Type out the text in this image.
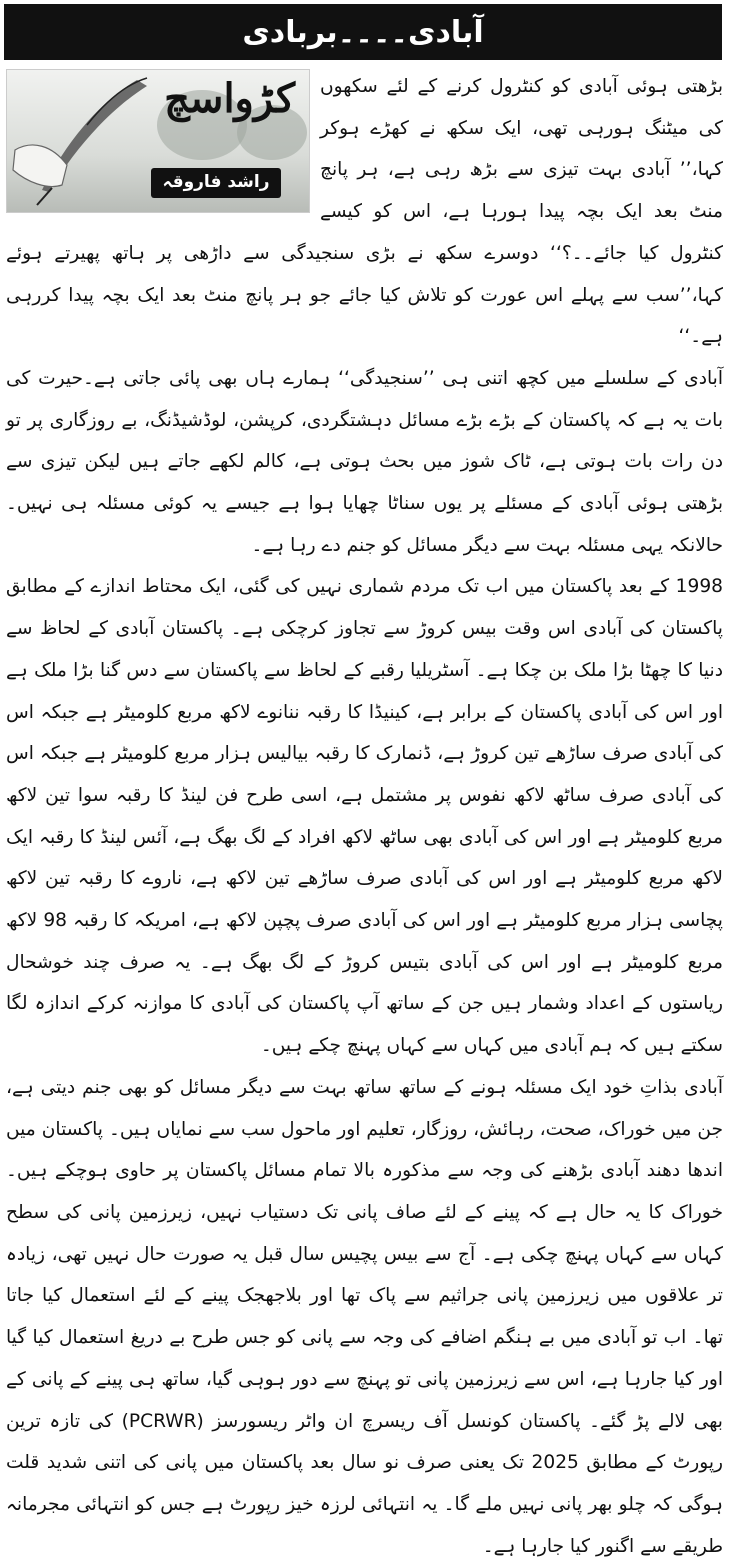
آبادی۔۔۔۔بربادی
کڑواسچ
راشد فاروقہ

بڑھتی ہوئی آبادی کو کنٹرول کرنے کے لئے سکھوں کی میٹنگ ہورہی تھی، ایک سکھ نے کھڑے ہوکر کہا،’’ آبادی بہت تیزی سے بڑھ رہی ہے، ہر پانچ منٹ بعد ایک بچہ پیدا ہورہا ہے، اس کو کیسے کنٹرول کیا جائے۔۔؟‘‘ دوسرے سکھ نے بڑی سنجیدگی سے داڑھی پر ہاتھ پھیرتے ہوئے کہا،’’سب سے پہلے اس عورت کو تلاش کیا جائے جو ہر پانچ منٹ بعد ایک بچہ پیدا کررہی ہے۔‘‘

آبادی کے سلسلے میں کچھ اتنی ہی ’’سنجیدگی‘‘ ہمارے ہاں بھی پائی جاتی ہے۔حیرت کی بات یہ ہے کہ پاکستان کے بڑے بڑے مسائل دہشتگردی، کرپشن، لوڈشیڈنگ، بے روزگاری پر تو دن رات بات ہوتی ہے، ٹاک شوز میں بحث ہوتی ہے، کالم لکھے جاتے ہیں لیکن تیزی سے بڑھتی ہوئی آبادی کے مسئلے پر یوں سناٹا چھایا ہوا ہے جیسے یہ کوئی مسئلہ ہی نہیں۔ حالانکہ یہی مسئلہ بہت سے دیگر مسائل کو جنم دے رہا ہے۔

1998 کے بعد پاکستان میں اب تک مردم شماری نہیں کی گئی، ایک محتاط اندازے کے مطابق پاکستان کی آبادی اس وقت بیس کروڑ سے تجاوز کرچکی ہے۔ پاکستان آبادی کے لحاظ سے دنیا کا چھٹا بڑا ملک بن چکا ہے۔ آسٹریلیا رقبے کے لحاظ سے پاکستان سے دس گنا بڑا ملک ہے اور اس کی آبادی پاکستان کے برابر ہے، کینیڈا کا رقبہ ننانوے لاکھ مربع کلومیٹر ہے جبکہ اس کی آبادی صرف ساڑھے تین کروڑ ہے، ڈنمارک کا رقبہ بیالیس ہزار مربع کلومیٹر ہے جبکہ اس کی آبادی صرف ساٹھ لاکھ نفوس پر مشتمل ہے، اسی طرح فن لینڈ کا رقبہ سوا تین لاکھ مربع کلومیٹر ہے اور اس کی آبادی بھی ساٹھ لاکھ افراد کے لگ بھگ ہے، آئس لینڈ کا رقبہ ایک لاکھ مربع کلومیٹر ہے اور اس کی آبادی صرف ساڑھے تین لاکھ ہے، ناروے کا رقبہ تین لاکھ پچاسی ہزار مربع کلومیٹر ہے اور اس کی آبادی صرف پچپن لاکھ ہے، امریکہ کا رقبہ 98 لاکھ مربع کلومیٹر ہے اور اس کی آبادی بتیس کروڑ کے لگ بھگ ہے۔ یہ صرف چند خوشحال ریاستوں کے اعداد وشمار ہیں جن کے ساتھ آپ پاکستان کی آبادی کا موازنہ کرکے اندازہ لگا سکتے ہیں کہ ہم آبادی میں کہاں سے کہاں پہنچ چکے ہیں۔

آبادی بذاتِ خود ایک مسئلہ ہونے کے ساتھ ساتھ بہت سے دیگر مسائل کو بھی جنم دیتی ہے، جن میں خوراک، صحت، رہائش، روزگار، تعلیم اور ماحول سب سے نمایاں ہیں۔ پاکستان میں اندھا دھند آبادی بڑھنے کی وجہ سے مذکورہ بالا تمام مسائل پاکستان پر حاوی ہوچکے ہیں۔ خوراک کا یہ حال ہے کہ پینے کے لئے صاف پانی تک دستیاب نہیں، زیرزمین پانی کی سطح کہاں سے کہاں پہنچ چکی ہے۔ آج سے بیس پچیس سال قبل یہ صورت حال نہیں تھی، زیادہ تر علاقوں میں زیرزمین پانی جراثیم سے پاک تھا اور بلاجھجک پینے کے لئے استعمال کیا جاتا تھا۔ اب تو آبادی میں بے ہنگم اضافے کی وجہ سے پانی کو جس طرح بے دریغ استعمال کیا گیا اور کیا جارہا ہے، اس سے زیرزمین پانی تو پہنچ سے دور ہوہی گیا، ساتھ ہی پینے کے پانی کے بھی لالے پڑ گئے۔ پاکستان کونسل آف ریسرچ ان واٹر ریسورسز (PCRWR) کی تازہ ترین رپورٹ کے مطابق 2025 تک یعنی صرف نو سال بعد پاکستان میں پانی کی اتنی شدید قلت ہوگی کہ چلو بھر پانی نہیں ملے گا۔ یہ انتہائی لرزہ خیز رپورٹ ہے جس کو انتہائی مجرمانہ طریقے سے اگنور کیا جارہا ہے۔
